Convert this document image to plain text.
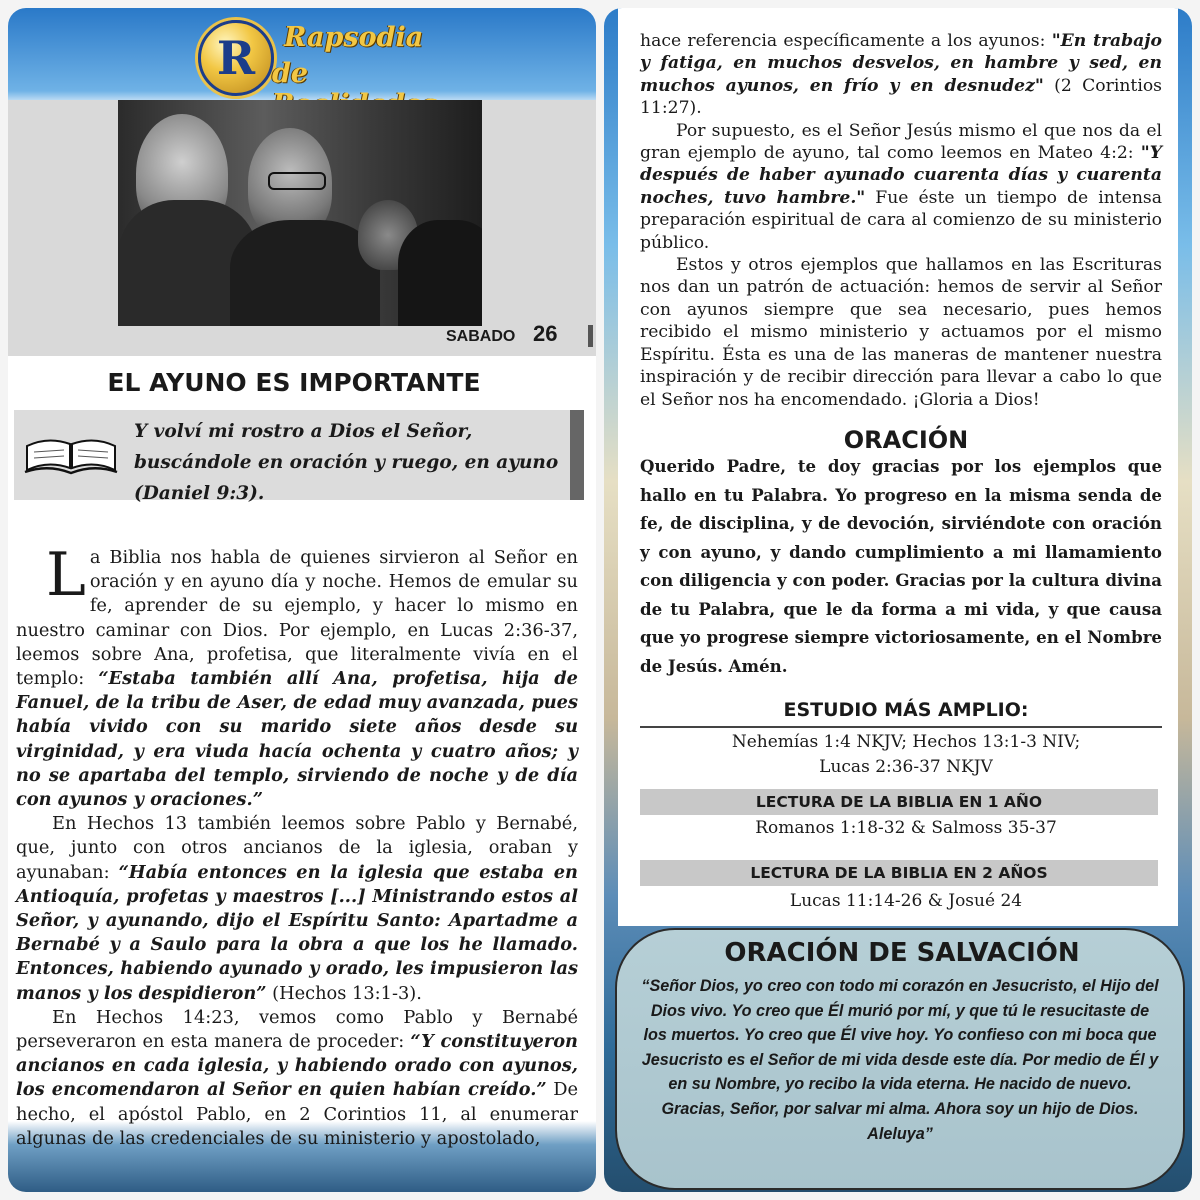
R Rapsodia
de
SABADO 26
EL AYUNO ES IMPORTANTE
Y volví mi rostro a Dios el Señor, buscándole en oración y ruego, en ayuno (Daniel 9:3).

La Biblia nos habla de quienes sirvieron al Señor en oración y en ayuno día y noche. Hemos de emular su fe, aprender de su ejemplo, y hacer lo mismo en nuestro caminar con Dios. Por ejemplo, en Lucas 2:36-37, leemos sobre Ana, profetisa, que literalmente vivía en el templo: “Estaba también allí Ana, profetisa, hija de Fanuel, de la tribu de Aser, de edad muy avanzada, pues había vivido con su marido siete años desde su virginidad, y era viuda hacía ochenta y cuatro años; y no se apartaba del templo, sirviendo de noche y de día con ayunos y oraciones.”

En Hechos 13 también leemos sobre Pablo y Bernabé, que, junto con otros ancianos de la iglesia, oraban y ayunaban: “Había entonces en la iglesia que estaba en Antioquía, profetas y maestros [...] Ministrando estos al Señor, y ayunando, dijo el Espíritu Santo: Apartadme a Bernabé y a Saulo para la obra a que los he llamado. Entonces, habiendo ayunado y orado, les impusieron las manos y los despidieron” (Hechos 13:1-3).

En Hechos 14:23, vemos como Pablo y Bernabé perseveraron en esta manera de proceder: “Y constituyeron ancianos en cada iglesia, y habiendo orado con ayunos, los encomendaron al Señor en quien habían creído.” De hecho, el apóstol Pablo, en 2 Corintios 11, al enumerar algunas de las credenciales de su ministerio y apostolado,

hace referencia específicamente a los ayunos: "En trabajo y fatiga, en muchos desvelos, en hambre y sed, en muchos ayunos, en frío y en desnudez" (2 Corintios 11:27).

Por supuesto, es el Señor Jesús mismo el que nos da el gran ejemplo de ayuno, tal como leemos en Mateo 4:2: "Y después de haber ayunado cuarenta días y cuarenta noches, tuvo hambre." Fue éste un tiempo de intensa preparación espiritual de cara al comienzo de su ministerio público.

Estos y otros ejemplos que hallamos en las Escrituras nos dan un patrón de actuación: hemos de servir al Señor con ayunos siempre que sea necesario, pues hemos recibido el mismo ministerio y actuamos por el mismo Espíritu. Ésta es una de las maneras de mantener nuestra inspiración y de recibir dirección para llevar a cabo lo que el Señor nos ha encomendado. ¡Gloria a Dios!

ORACIÓN
Querido Padre, te doy gracias por los ejemplos que hallo en tu Palabra. Yo progreso en la misma senda de fe, de disciplina, y de devoción, sirviéndote con oración y con ayuno, y dando cumplimiento a mi llamamiento con diligencia y con poder. Gracias por la cultura divina de tu Palabra, que le da forma a mi vida, y que causa que yo progrese siempre victoriosamente, en el Nombre de Jesús. Amén.
ESTUDIO MÁS AMPLIO:
Nehemías 1:4 NKJV; Hechos 13:1-3 NIV;
Lucas 2:36-37 NKJV
LECTURA DE LA BIBLIA EN 1 AÑO
Romanos 1:18-32 & Salmoss 35-37
LECTURA DE LA BIBLIA EN 2 AÑOS
Lucas 11:14-26 & Josué 24
ORACIÓN DE SALVACIÓN
“Señor Dios, yo creo con todo mi corazón en Jesucristo, el Hijo del Dios vivo. Yo creo que Él murió por mí, y que tú le resucitaste de los muertos. Yo creo que Él vive hoy. Yo confieso con mi boca que Jesucristo es el Señor de mi vida desde este día. Por medio de Él y en su Nombre, yo recibo la vida eterna. He nacido de nuevo. Gracias, Señor, por salvar mi alma. Ahora soy un hijo de Dios. Aleluya”
